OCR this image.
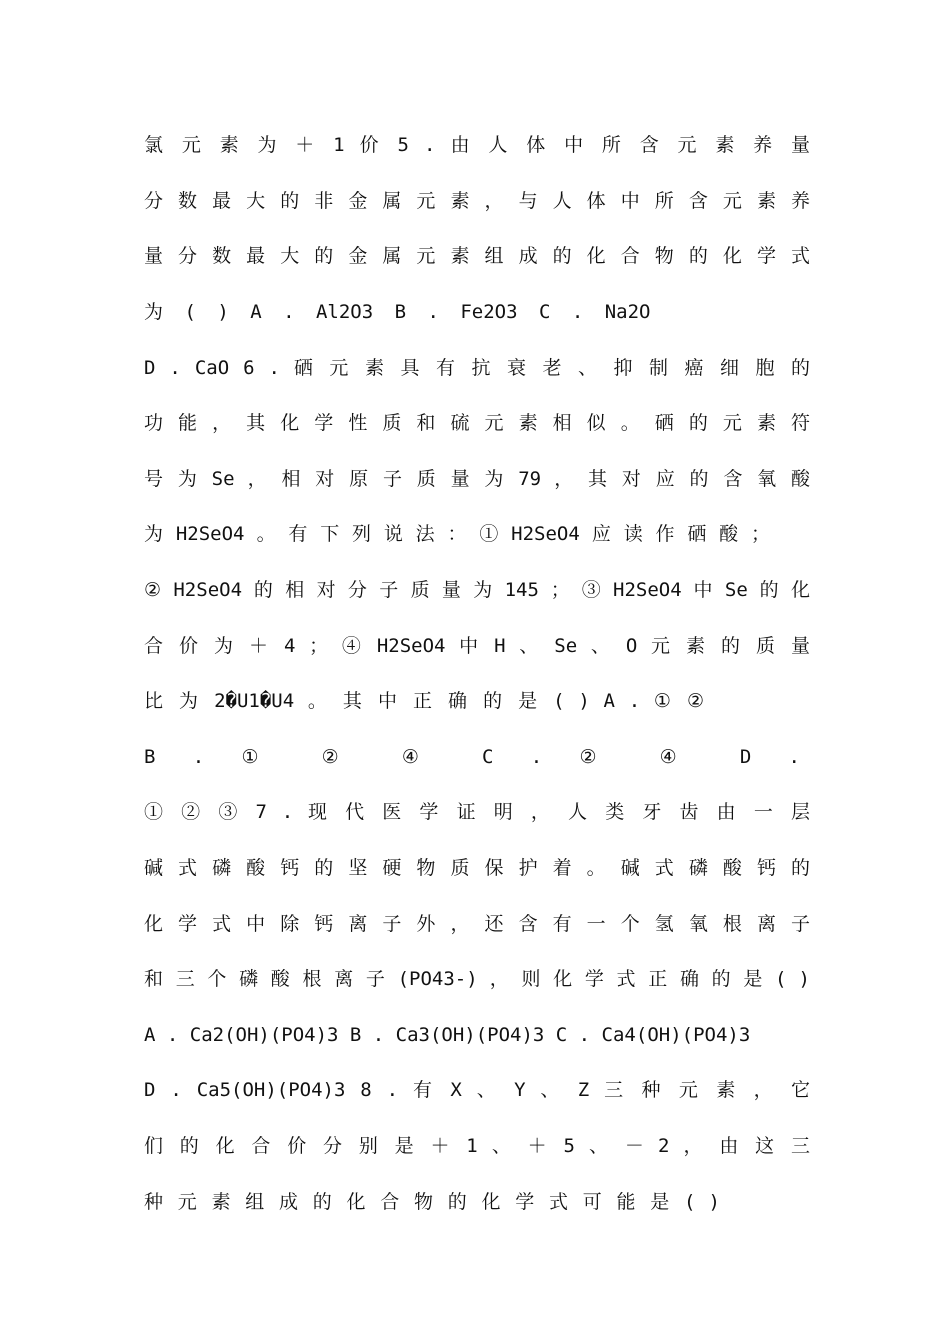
氯 元 素 为 ＋ 1 价 5 . 由 人 体 中 所 含 元 素 养 量

分 数 最 大 的 非 金 属 元 素 ， 与 人 体 中 所 含 元 素 养

量 分 数 最 大 的 金 属 元 素 组 成 的 化 合 物 的 化 学 式

为 ( ) A . Al2O3 B . Fe2O3 C . Na2O

D . CaO 6 . 硒 元 素 具 有 抗 衰 老 、 抑 制 癌 细 胞 的

功 能 ， 其 化 学 性 质 和 硫 元 素 相 似 。 硒 的 元 素 符

号 为 Se ， 相 对 原 子 质 量 为 79 ， 其 对 应 的 含 氧 酸

为 H2SeO4 。 有 下 列 说 法 ： ① H2SeO4 应 读 作 硒 酸 ；

② H2SeO4 的 相 对 分 子 质 量 为 145 ； ③ H2SeO4 中 Se 的 化

合 价 为 ＋ 4 ； ④ H2SeO4 中 H 、 Se 、 O 元 素 的 质 量

比 为 2�U1�U4 。 其 中 正 确 的 是 ( ) A . ① ②

B . ① ② ④ C . ② ④ D .

① ② ③ 7 . 现 代 医 学 证 明 ， 人 类 牙 齿 由 一 层

碱 式 磷 酸 钙 的 坚 硬 物 质 保 护 着 。 碱 式 磷 酸 钙 的

化 学 式 中 除 钙 离 子 外 ， 还 含 有 一 个 氢 氧 根 离 子

和 三 个 磷 酸 根 离 子 (PO43-) ， 则 化 学 式 正 确 的 是 ( )

A . Ca2(OH)(PO4)3 B . Ca3(OH)(PO4)3 C . Ca4(OH)(PO4)3

D . Ca5(OH)(PO4)3 8 . 有 X 、 Y 、 Z 三 种 元 素 ， 它

们 的 化 合 价 分 别 是 ＋ 1 、 ＋ 5 、 － 2 ， 由 这 三

种 元 素 组 成 的 化 合 物 的 化 学 式 可 能 是 ( )
